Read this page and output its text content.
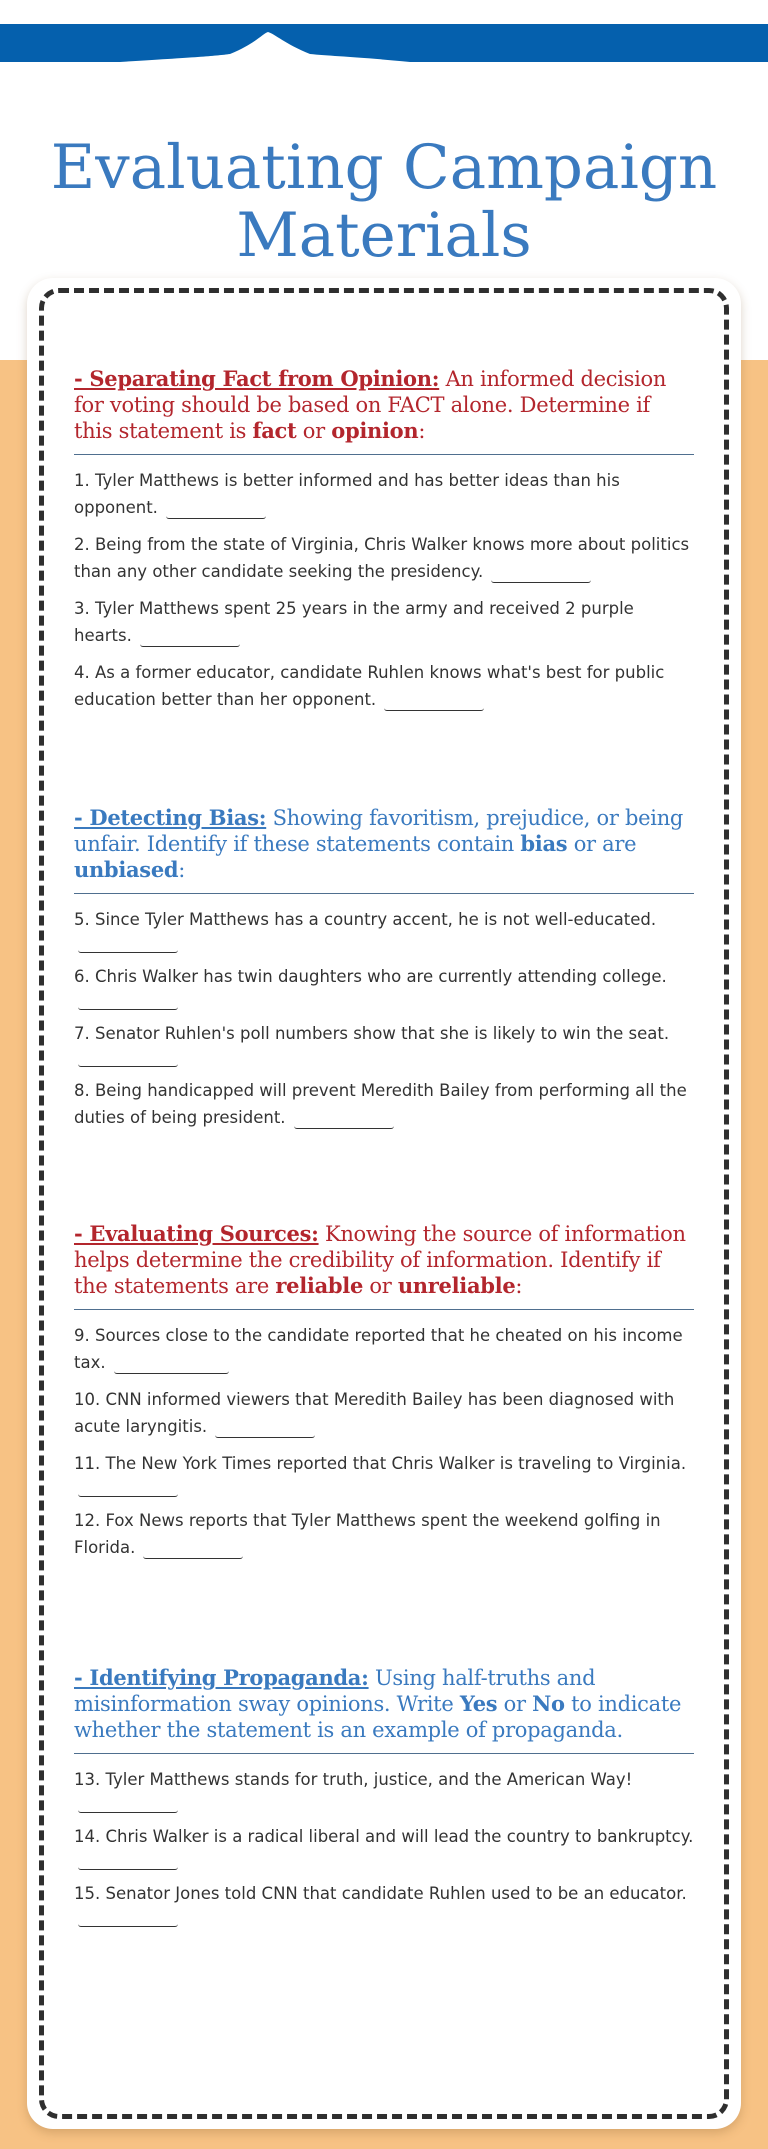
Evaluating Campaign
Materials
- Separating Fact from Opinion: An informed decision for voting should be based on FACT alone. Determine if this statement is fact or opinion:
1. Tyler Matthews is better informed and has better ideas than his opponent.
2. Being from the state of Virginia, Chris Walker knows more about politics than any other candidate seeking the presidency.
3. Tyler Matthews spent 25 years in the army and received 2 purple hearts.
4. As a former educator, candidate Ruhlen knows what's best for public education better than her opponent.
- Detecting Bias: Showing favoritism, prejudice, or being unfair. Identify if these statements contain bias or are unbiased:
5. Since Tyler Matthews has a country accent, he is not well-educated.
6. Chris Walker has twin daughters who are currently attending college.
7. Senator Ruhlen's poll numbers show that she is likely to win the seat.
8. Being handicapped will prevent Meredith Bailey from performing all the duties of being president.
- Evaluating Sources: Knowing the source of information helps determine the credibility of information. Identify if the statements are reliable or unreliable:
9. Sources close to the candidate reported that he cheated on his income tax.
10. CNN informed viewers that Meredith Bailey has been diagnosed with acute laryngitis.
11. The New York Times reported that Chris Walker is traveling to Virginia.
12. Fox News reports that Tyler Matthews spent the weekend golfing in Florida.
- Identifying Propaganda: Using half-truths and misinformation sway opinions. Write Yes or No to indicate whether the statement is an example of propaganda.
13. Tyler Matthews stands for truth, justice, and the American Way!
14. Chris Walker is a radical liberal and will lead the country to bankruptcy.
15. Senator Jones told CNN that candidate Ruhlen used to be an educator.
